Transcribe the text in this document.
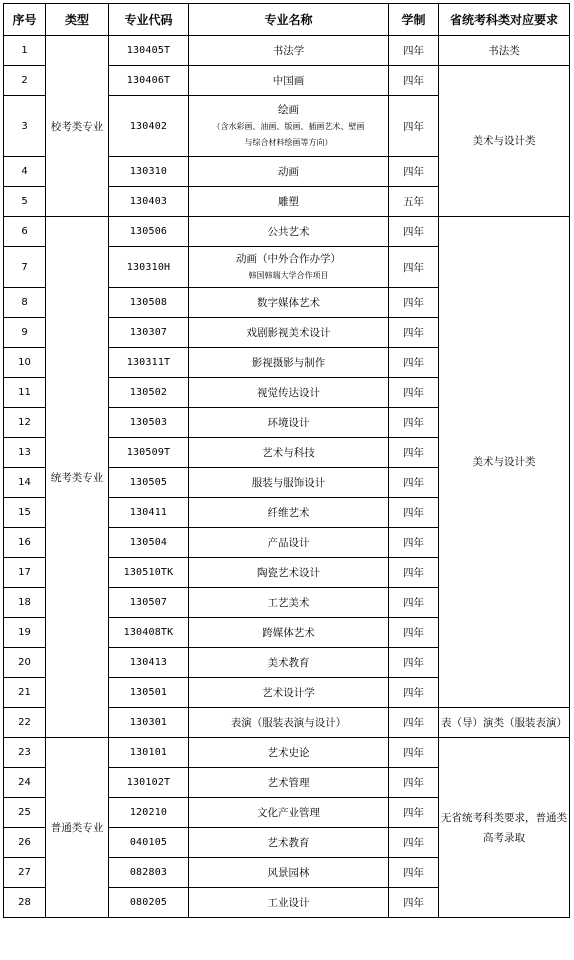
序号	类型	专业代码	专业名称	学制	省统考科类对应要求
1	校考类专业	130405T	书法学	四年	书法类
2		130406T	中国画	四年	美术与设计类
3		130402	绘画
（含水彩画、油画、版画、插画艺术、壁画
与综合材料绘画等方向）	四年	
4		130310	动画	四年	
5		130403	雕塑	五年	
6	统考类专业	130506	公共艺术	四年	美术与设计类
7		130310H	动画（中外合作办学）
韩国韩瑞大学合作项目	四年	
8		130508	数字媒体艺术	四年	
9		130307	戏剧影视美术设计	四年	
10		130311T	影视摄影与制作	四年	
11		130502	视觉传达设计	四年	
12		130503	环境设计	四年	
13		130509T	艺术与科技	四年	
14		130505	服装与服饰设计	四年	
15		130411	纤维艺术	四年	
16		130504	产品设计	四年	
17		130510TK	陶瓷艺术设计	四年	
18		130507	工艺美术	四年	
19		130408TK	跨媒体艺术	四年	
20		130413	美术教育	四年	
21		130501	艺术设计学	四年	
22		130301	表演（服装表演与设计）	四年	表（导）演类（服装表演）
23	普通类专业	130101	艺术史论	四年	无省统考科类要求，普通类
高考录取

24		130102T	艺术管理	四年	
25		120210	文化产业管理	四年	
26		040105	艺术教育	四年	
27		082803	风景园林	四年	
28		080205	工业设计	四年	
